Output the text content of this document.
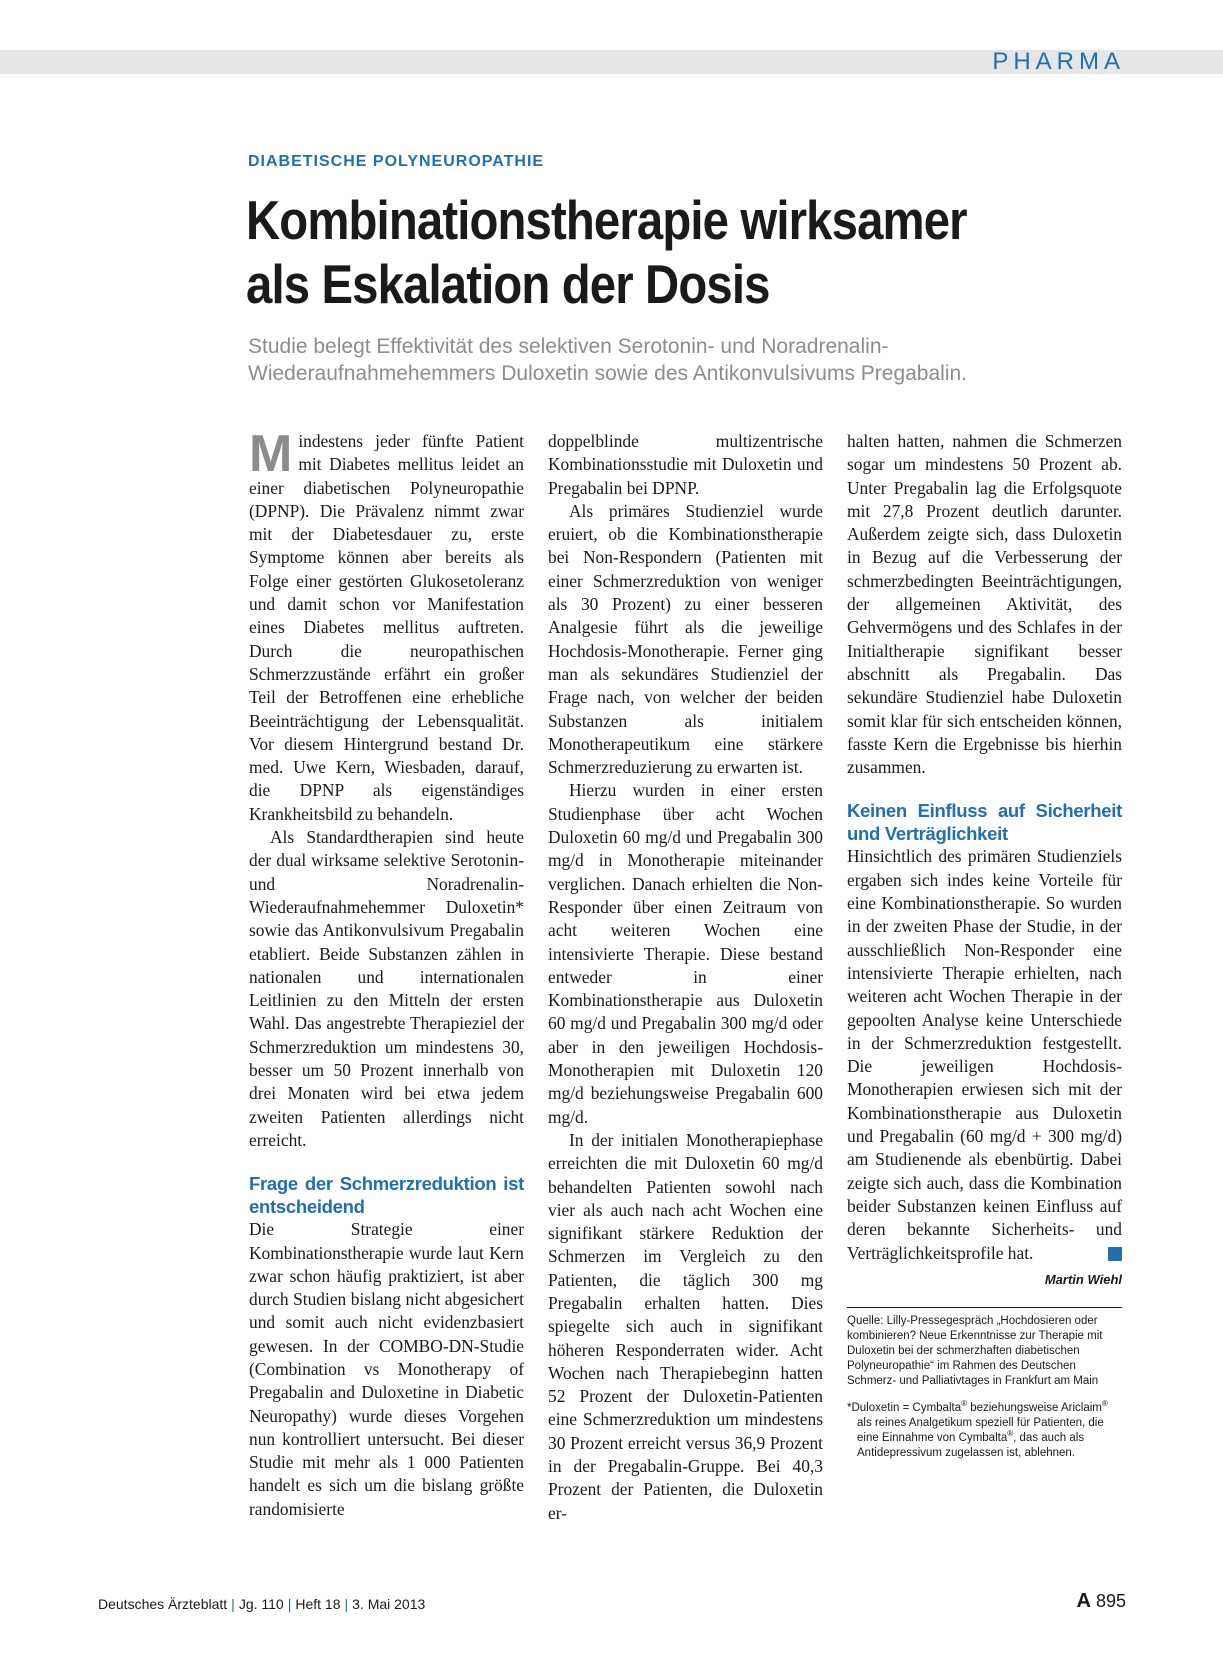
PHARMA
DIABETISCHE POLYNEUROPATHIE
Kombinationstherapie wirksamer
als Eskalation der Dosis

Studie belegt Effektivität des selektiven Serotonin- und Noradrenalin-
Wiederaufnahmehemmers Duloxetin sowie des Antikonvulsivums Pregabalin.

Mindestens jeder fünfte Patient mit Diabetes mellitus leidet an einer diabetischen Polyneuropathie (DPNP). Die Prävalenz nimmt zwar mit der Diabetesdauer zu, erste Symptome können aber bereits als Folge einer gestörten Glukosetoleranz und damit schon vor Manifestation eines Diabetes mellitus auftreten. Durch die neuropathischen Schmerzzustände erfährt ein großer Teil der Betroffenen eine erhebliche Beeinträchtigung der Lebensqualität. Vor diesem Hintergrund bestand Dr. med. Uwe Kern, Wiesbaden, darauf, die DPNP als eigenständiges Krankheitsbild zu behandeln.

Als Standardtherapien sind heute der dual wirksame selektive Serotonin- und Noradrenalin-Wiederaufnahmehemmer Duloxetin* sowie das Antikonvulsivum Pregabalin etabliert. Beide Substanzen zählen in nationalen und internationalen Leitlinien zu den Mitteln der ersten Wahl. Das angestrebte Therapieziel der Schmerzreduktion um mindestens 30, besser um 50 Prozent innerhalb von drei Monaten wird bei etwa jedem zweiten Patienten allerdings nicht erreicht.

Frage der Schmerzreduktion ist entscheidend

Die Strategie einer Kombinationstherapie wurde laut Kern zwar schon häufig praktiziert, ist aber durch Studien bislang nicht abgesichert und somit auch nicht evidenzbasiert gewesen. In der COMBO-DN-Studie (Combination vs Monotherapy of Pregabalin and Duloxetine in Diabetic Neuropathy) wurde dieses Vorgehen nun kontrolliert untersucht. Bei dieser Studie mit mehr als 1 000 Patienten handelt es sich um die bislang größte randomisierte

doppelblinde multizentrische Kombinationsstudie mit Duloxetin und Pregabalin bei DPNP.

Als primäres Studienziel wurde eruiert, ob die Kombinationstherapie bei Non-Respondern (Patienten mit einer Schmerzreduktion von weniger als 30 Prozent) zu einer besseren Analgesie führt als die jeweilige Hochdosis-Monotherapie. Ferner ging man als sekundäres Studienziel der Frage nach, von welcher der beiden Substanzen als initialem Monotherapeutikum eine stärkere Schmerzreduzierung zu erwarten ist.

Hierzu wurden in einer ersten Studienphase über acht Wochen Duloxetin 60 mg/d und Pregabalin 300 mg/d in Monotherapie miteinander verglichen. Danach erhielten die Non-Responder über einen Zeitraum von acht weiteren Wochen eine intensivierte Therapie. Diese bestand entweder in einer Kombinationstherapie aus Duloxetin 60 mg/d und Pregabalin 300 mg/d oder aber in den jeweiligen Hochdosis-Monotherapien mit Duloxetin 120 mg/d beziehungsweise Pregabalin 600 mg/d.

In der initialen Monotherapiephase erreichten die mit Duloxetin 60 mg/d behandelten Patienten sowohl nach vier als auch nach acht Wochen eine signifikant stärkere Reduktion der Schmerzen im Vergleich zu den Patienten, die täglich 300 mg Pregabalin erhalten hatten. Dies spiegelte sich auch in signifikant höheren Responderraten wider. Acht Wochen nach Therapiebeginn hatten 52 Prozent der Duloxetin-Patienten eine Schmerzreduktion um mindestens 30 Prozent erreicht versus 36,9 Prozent in der Pregabalin-Gruppe. Bei 40,3 Prozent der Patienten, die Duloxetin er-

halten hatten, nahmen die Schmerzen sogar um mindestens 50 Prozent ab. Unter Pregabalin lag die Erfolgsquote mit 27,8 Prozent deutlich darunter. Außerdem zeigte sich, dass Duloxetin in Bezug auf die Verbesserung der schmerzbedingten Beeinträchtigungen, der allgemeinen Aktivität, des Gehvermögens und des Schlafes in der Initialtherapie signifikant besser abschnitt als Pregabalin. Das sekundäre Studienziel habe Duloxetin somit klar für sich entscheiden können, fasste Kern die Ergebnisse bis hierhin zusammen.

Keinen Einfluss auf Sicherheit und Verträglichkeit

Hinsichtlich des primären Studienziels ergaben sich indes keine Vorteile für eine Kombinationstherapie. So wurden in der zweiten Phase der Studie, in der ausschließlich Non-Responder eine intensivierte Therapie erhielten, nach weiteren acht Wochen Therapie in der gepoolten Analyse keine Unterschiede in der Schmerzreduktion festgestellt. Die jeweiligen Hochdosis-Monotherapien erwiesen sich mit der Kombinationstherapie aus Duloxetin und Pregabalin (60 mg/d + 300 mg/d) am Studienende als ebenbürtig. Dabei zeigte sich auch, dass die Kombination beider Substanzen keinen Einfluss auf deren bekannte Sicherheits- und Verträglichkeitsprofile hat.

Martin Wiehl
Quelle: Lilly-Pressegespräch „Hochdosieren oder kombinieren? Neue Erkenntnisse zur Therapie mit Duloxetin bei der schmerzhaften diabetischen Polyneuropathie“ im Rahmen des Deutschen Schmerz- und Palliativtages in Frankfurt am Main
*Duloxetin = Cymbalta® beziehungsweise Ariclaim® als reines Analgetikum speziell für Patienten, die eine Einnahme von Cymbalta®, das auch als Antidepressivum zugelassen ist, ablehnen.
Deutsches Ärzteblatt | Jg. 110 | Heft 18 | 3. Mai 2013	A 895
